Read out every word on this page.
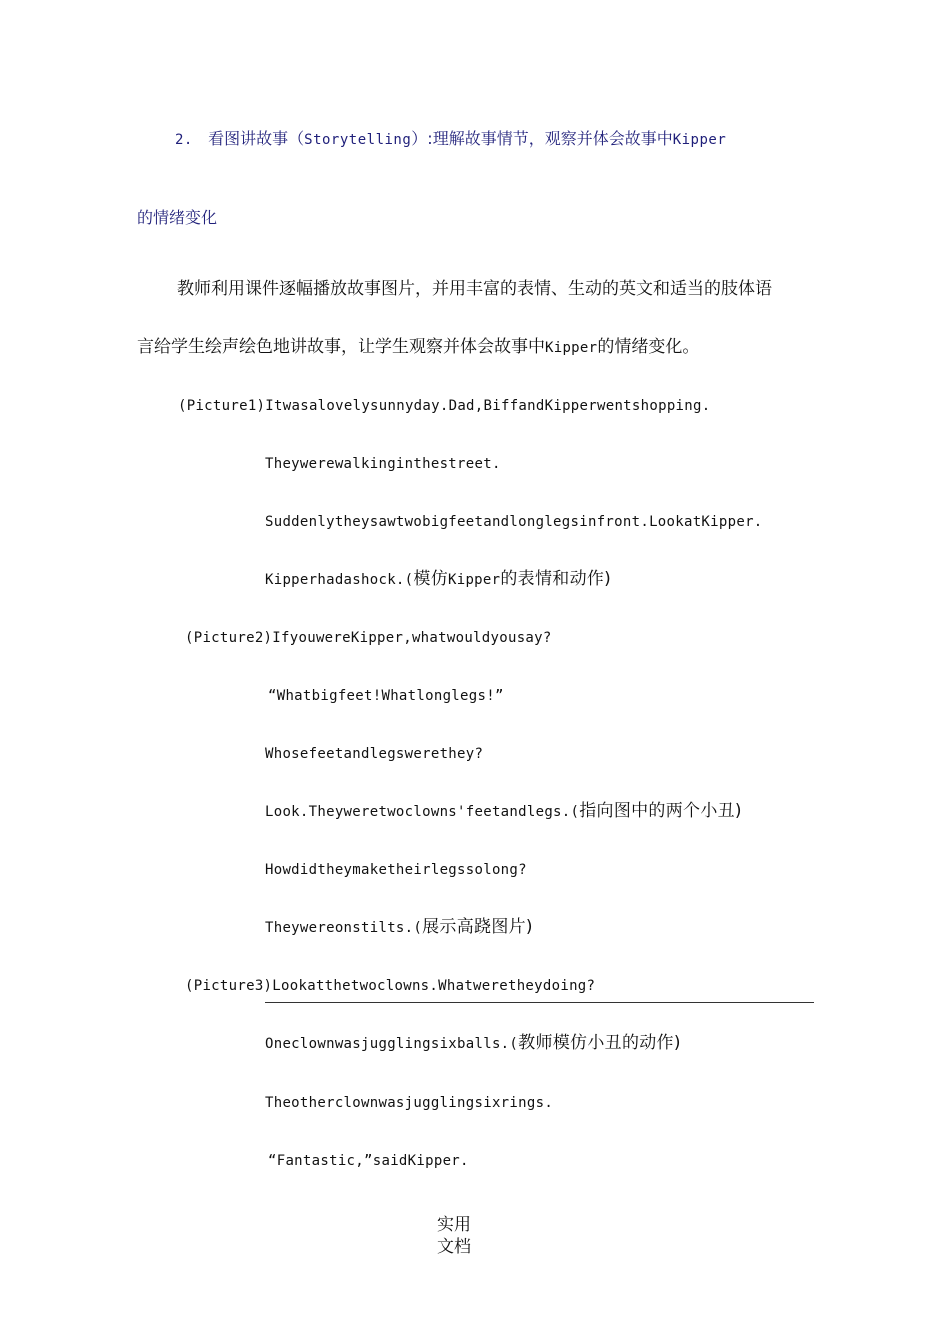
2. 看图讲故事（Storytelling）:理解故事情节，观察并体会故事中Kipper
的情绪变化
教师利用课件逐幅播放故事图片，并用丰富的表情、生动的英文和适当的肢体语
言给学生绘声绘色地讲故事，让学生观察并体会故事中Kipper的情绪变化。
(Picture1)Itwasalovelysunnyday.Dad,BiffandKipperwentshopping.
Theywerewalkinginthestreet.
Suddenlytheysawtwobigfeetandlonglegsinfront.LookatKipper.
Kipperhadashock.(模仿Kipper的表情和动作)
(Picture2)IfyouwereKipper,whatwouldyousay?
“Whatbigfeet!Whatlonglegs!”
Whosefeetandlegswerethey?
Look.Theyweretwoclowns'feetandlegs.(指向图中的两个小丑)
Howdidtheymaketheirlegssolong?
Theywereonstilts.(展示高跷图片)
(Picture3)Lookatthetwoclowns.Whatweretheydoing?
Oneclownwasjugglingsixballs.(教师模仿小丑的动作)
Theotherclownwasjugglingsixrings.
“Fantastic,”saidKipper.
实用
文档
